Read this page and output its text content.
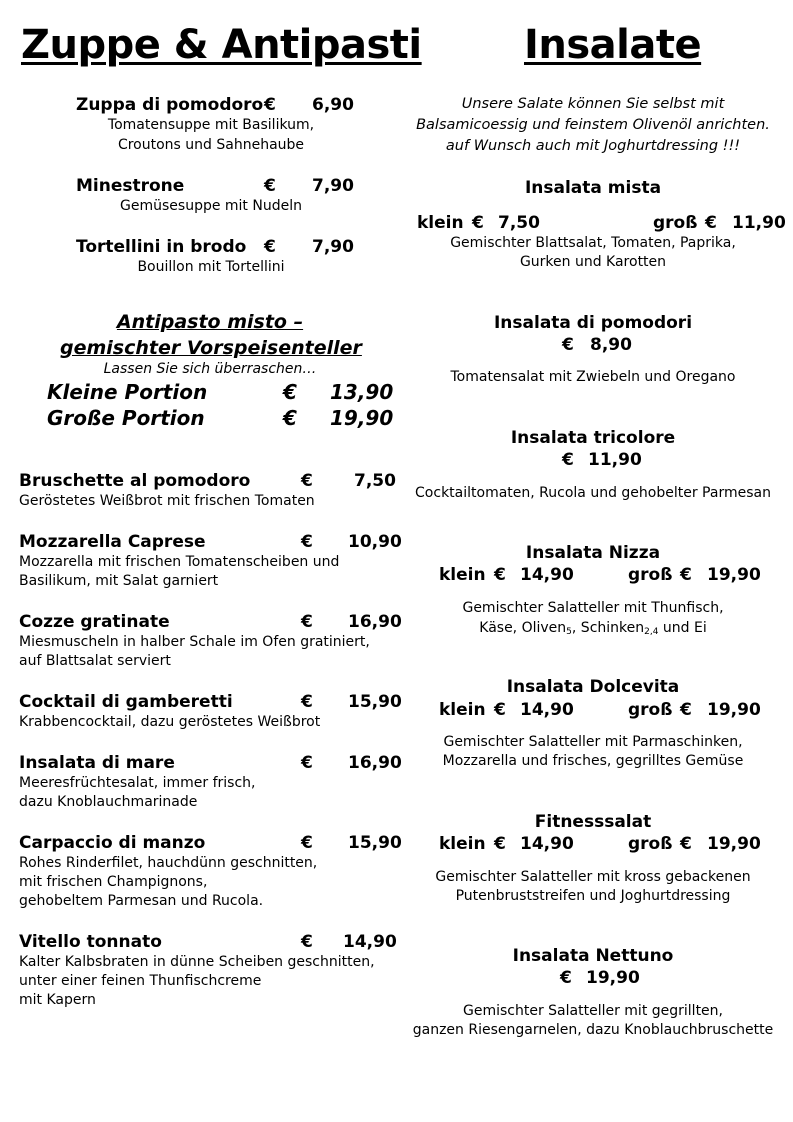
Zuppe & Antipasti
Zuppa di pomodoro € 6,90
Tomatensuppe mit Basilikum,
Croutons und Sahnehaube
Minestrone	€ 7,90
Gemüsesuppe mit Nudeln
Tortellini in brodo € 7,90
Bouillon mit Tortellini
Antipasto misto –
gemischter Vorspeisenteller
Lassen Sie sich überraschen…
Kleine Portion	€ 13,90
Große Portion	€ 19,90
Bruschette al pomodoro	€ 7,50
Geröstetes Weißbrot mit frischen Tomaten
Mozzarella Caprese	€ 10,90
Mozzarella mit frischen Tomatenscheiben und
Basilikum, mit Salat garniert
Cozze gratinate	€ 16,90
Miesmuscheln in halber Schale im Ofen gratiniert,
auf Blattsalat serviert
Cocktail di gamberetti	€ 15,90
Krabbencocktail, dazu geröstetes Weißbrot
Insalata di mare	€ 16,90
Meeresfrüchtesalat, immer frisch,
dazu Knoblauchmarinade
Carpaccio di manzo	€ 15,90
Rohes Rinderfilet, hauchdünn geschnitten,
mit frischen Champignons,
gehobeltem Parmesan und Rucola.
Vitello tonnato	€ 14,90
Kalter Kalbsbraten in dünne Scheiben geschnitten,
unter einer feinen Thunfischcreme
mit Kapern
Insalate
Unsere Salate können Sie selbst mit
Balsamicoessig und feinstem Olivenöl anrichten.
auf Wunsch auch mit Joghurtdressing !!!
Insalata mista
klein € 7,50	groß € 11,90
Gemischter Blattsalat, Tomaten, Paprika,
Gurken und Karotten
Insalata di pomodori
€ 8,90
Tomatensalat mit Zwiebeln und Oregano
Insalata tricolore
€ 11,90
Cocktailtomaten, Rucola und gehobelter Parmesan
Insalata Nizza
klein € 14,90	groß € 19,90
Gemischter Salatteller mit Thunfisch,
Käse, Oliven$_5$, Schinken$_{2,4}$ und Ei
Insalata Dolcevita
klein € 14,90	groß € 19,90
Gemischter Salatteller mit Parmaschinken,
Mozzarella und frisches, gegrilltes Gemüse
Fitnesssalat
klein € 14,90	groß € 19,90
Gemischter Salatteller mit kross gebackenen
Putenbruststreifen und Joghurtdressing
Insalata Nettuno
€ 19,90
Gemischter Salatteller mit gegrillten,
ganzen Riesengarnelen, dazu Knoblauchbruschette
